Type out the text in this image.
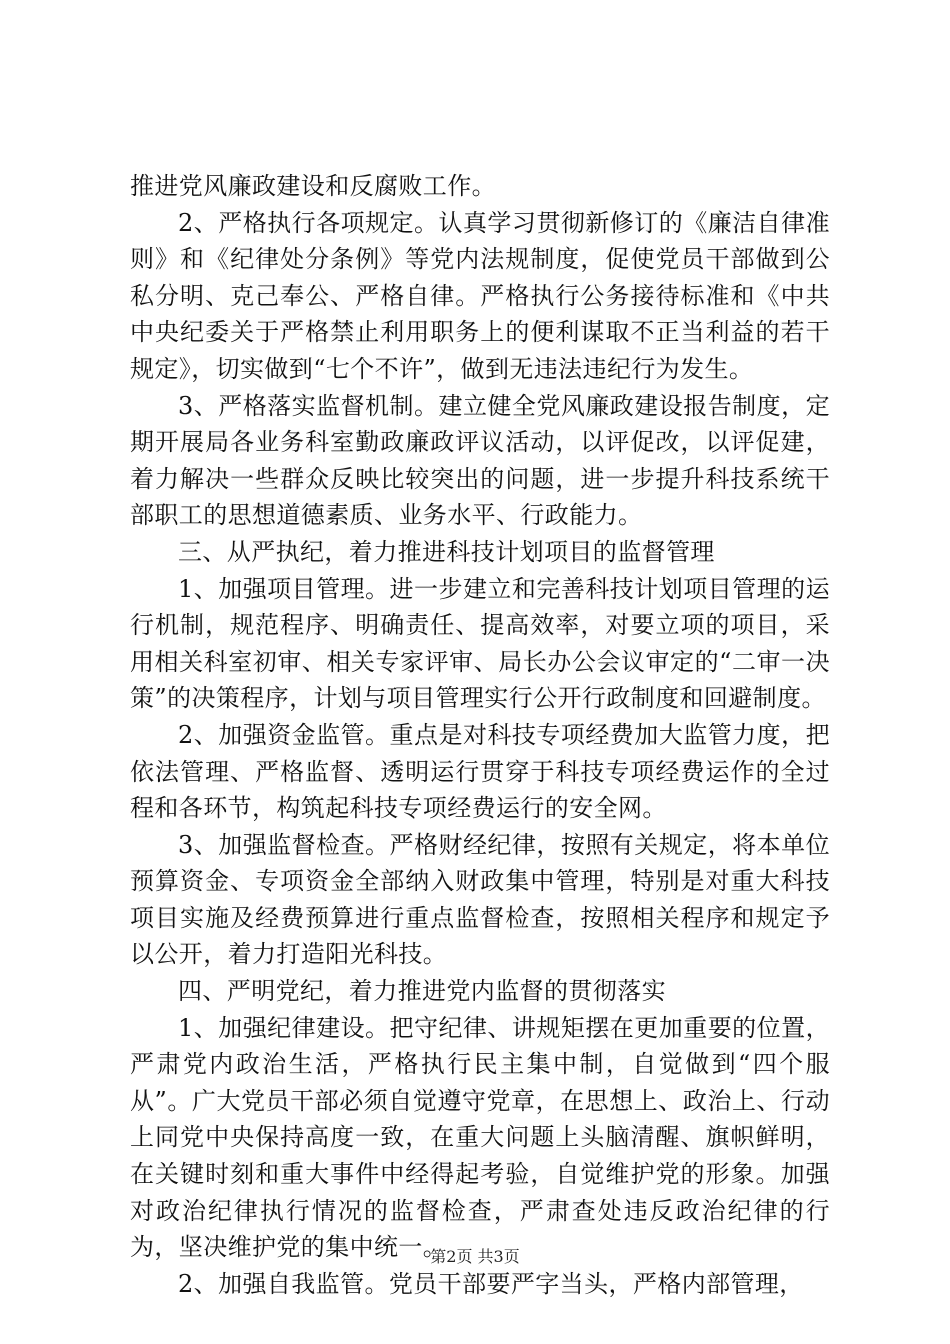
推进党风廉政建设和反腐败工作。

2、严格执行各项规定。认真学习贯彻新修订的《廉洁自律准则》和《纪律处分条例》等党内法规制度，促使党员干部做到公私分明、克己奉公、严格自律。严格执行公务接待标准和《中共中央纪委关于严格禁止利用职务上的便利谋取不正当利益的若干规定》，切实做到“七个不许”，做到无违法违纪行为发生。

3、严格落实监督机制。建立健全党风廉政建设报告制度，定期开展局各业务科室勤政廉政评议活动，以评促改，以评促建，着力解决一些群众反映比较突出的问题，进一步提升科技系统干部职工的思想道德素质、业务水平、行政能力。

三、从严执纪，着力推进科技计划项目的监督管理

1、加强项目管理。进一步建立和完善科技计划项目管理的运行机制，规范程序、明确责任、提高效率，对要立项的项目，采用相关科室初审、相关专家评审、局长办公会议审定的“二审一决策”的决策程序，计划与项目管理实行公开行政制度和回避制度。

2、加强资金监管。重点是对科技专项经费加大监管力度，把依法管理、严格监督、透明运行贯穿于科技专项经费运作的全过程和各环节，构筑起科技专项经费运行的安全网。

3、加强监督检查。严格财经纪律，按照有关规定，将本单位预算资金、专项资金全部纳入财政集中管理，特别是对重大科技项目实施及经费预算进行重点监督检查，按照相关程序和规定予以公开，着力打造阳光科技。

四、严明党纪，着力推进党内监督的贯彻落实

1、加强纪律建设。把守纪律、讲规矩摆在更加重要的位置，严肃党内政治生活，严格执行民主集中制，自觉做到“四个服从”。广大党员干部必须自觉遵守党章，在思想上、政治上、行动上同党中央保持高度一致，在重大问题上头脑清醒、旗帜鲜明，在关键时刻和重大事件中经得起考验，自觉维护党的形象。加强对政治纪律执行情况的监督检查，严肃查处违反政治纪律的行为，坚决维护党的集中统一。

2、加强自我监管。党员干部要严字当头，严格内部管理，

第2页 共3页
